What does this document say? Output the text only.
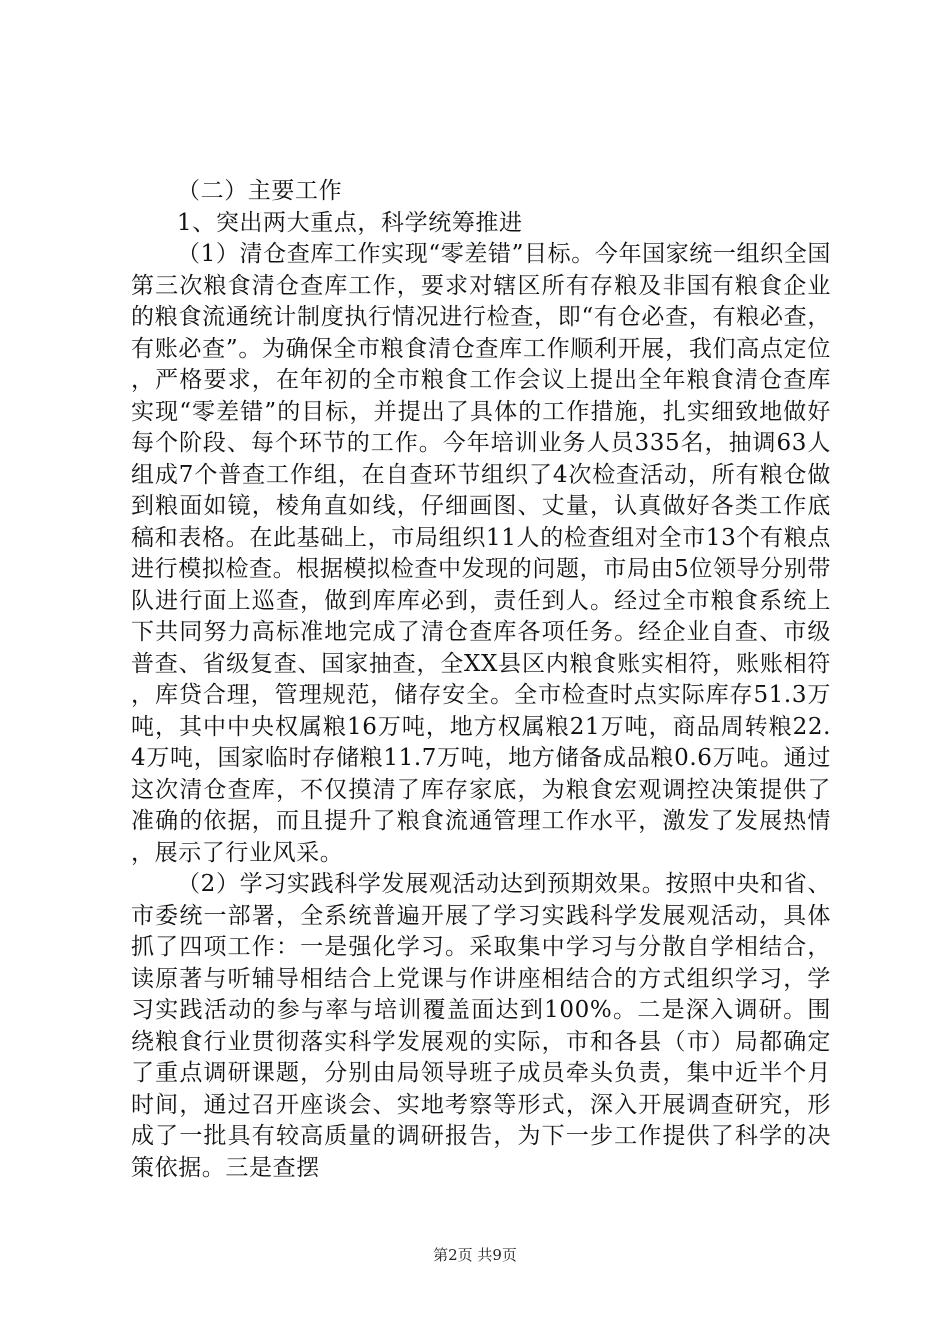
（二）主要工作

1、突出两大重点，科学统筹推进

（1）清仓查库工作实现“零差错”目标。今年国家统一组织全国第三次粮食清仓查库工作，要求对辖区所有存粮及非国有粮食企业的粮食流通统计制度执行情况进行检查，即“有仓必查，有粮必查，有账必查”。为确保全市粮食清仓查库工作顺利开展，我们高点定位，严格要求，在年初的全市粮食工作会议上提出全年粮食清仓查库实现“零差错”的目标，并提出了具体的工作措施，扎实细致地做好每个阶段、每个环节的工作。今年培训业务人员335名，抽调63人组成7个普查工作组，在自查环节组织了4次检查活动，所有粮仓做到粮面如镜，棱角直如线，仔细画图、丈量，认真做好各类工作底稿和表格。在此基础上，市局组织11人的检查组对全市13个有粮点进行模拟检查。根据模拟检查中发现的问题，市局由5位领导分别带队进行面上巡查，做到库库必到，责任到人。经过全市粮食系统上下共同努力高标准地完成了清仓查库各项任务。经企业自查、市级普查、省级复查、国家抽查，全XX县区内粮食账实相符，账账相符，库贷合理，管理规范，储存安全。全市检查时点实际库存51.3万吨，其中中央权属粮16万吨，地方权属粮21万吨，商品周转粮22.4万吨，国家临时存储粮11.7万吨，地方储备成品粮0.6万吨。通过这次清仓查库，不仅摸清了库存家底，为粮食宏观调控决策提供了准确的依据，而且提升了粮食流通管理工作水平，激发了发展热情，展示了行业风采。

（2）学习实践科学发展观活动达到预期效果。按照中央和省、市委统一部署，全系统普遍开展了学习实践科学发展观活动，具体抓了四项工作：一是强化学习。采取集中学习与分散自学相结合，读原著与听辅导相结合上党课与作讲座相结合的方式组织学习，学习实践活动的参与率与培训覆盖面达到100%。二是深入调研。围绕粮食行业贯彻落实科学发展观的实际，市和各县（市）局都确定了重点调研课题，分别由局领导班子成员牵头负责，集中近半个月时间，通过召开座谈会、实地考察等形式，深入开展调查研究，形成了一批具有较高质量的调研报告，为下一步工作提供了科学的决策依据。三是查摆

第2页 共9页
